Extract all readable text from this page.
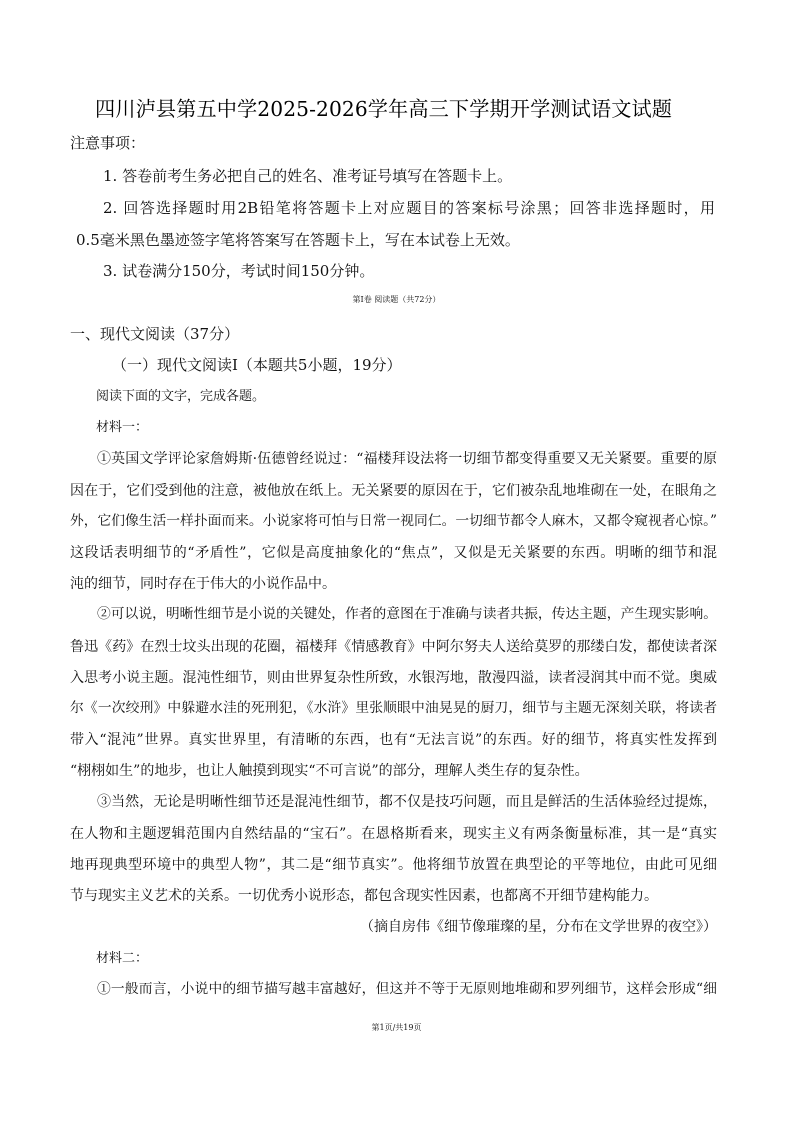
四川泸县第五中学2025-2026学年高三下学期开学测试语文试题
注意事项：
1. 答卷前考生务必把自己的姓名、准考证号填写在答题卡上。
2. 回答选择题时用2B铅笔将答题卡上对应题目的答案标号涂黑；回答非选择题时，用
0.5毫米黑色墨迹签字笔将答案写在答题卡上，写在本试卷上无效。
3. 试卷满分150分，考试时间150分钟。
第I卷 阅读题（共72分）
一、现代文阅读（37分）
（一）现代文阅读I（本题共5小题，19分）
阅读下面的文字，完成各题。
材料一：
①英国文学评论家詹姆斯·伍德曾经说过：“福楼拜设法将一切细节都变得重要又无关紧要。重要的原
因在于，它们受到他的注意，被他放在纸上。无关紧要的原因在于，它们被杂乱地堆砌在一处，在眼角之
外，它们像生活一样扑面而来。小说家将可怕与日常一视同仁。一切细节都令人麻木，又都令窥视者心惊。”
这段话表明细节的“矛盾性”，它似是高度抽象化的“焦点”，又似是无关紧要的东西。明晰的细节和混
沌的细节，同时存在于伟大的小说作品中。
②可以说，明晰性细节是小说的关键处，作者的意图在于准确与读者共振，传达主题，产生现实影响。
鲁迅《药》在烈士坟头出现的花圈，福楼拜《情感教育》中阿尔努夫人送给莫罗的那缕白发，都使读者深
入思考小说主题。混沌性细节，则由世界复杂性所致，水银泻地，散漫四溢，读者浸润其中而不觉。奥威
尔《一次绞刑》中躲避水洼的死刑犯，《水浒》里张顺眼中油晃晃的厨刀，细节与主题无深刻关联，将读者
带入“混沌”世界。真实世界里，有清晰的东西，也有“无法言说”的东西。好的细节，将真实性发挥到
“栩栩如生”的地步，也让人触摸到现实“不可言说”的部分，理解人类生存的复杂性。
③当然，无论是明晰性细节还是混沌性细节，都不仅是技巧问题，而且是鲜活的生活体验经过提炼，
在人物和主题逻辑范围内自然结晶的“宝石”。在恩格斯看来，现实主义有两条衡量标准，其一是“真实
地再现典型环境中的典型人物”，其二是“细节真实”。他将细节放置在典型论的平等地位，由此可见细
节与现实主义艺术的关系。一切优秀小说形态，都包含现实性因素，也都离不开细节建构能力。
（摘自房伟《细节像璀璨的星，分布在文学世界的夜空》）
材料二：
①一般而言，小说中的细节描写越丰富越好，但这并不等于无原则地堆砌和罗列细节，这样会形成“细
第1页/共19页
